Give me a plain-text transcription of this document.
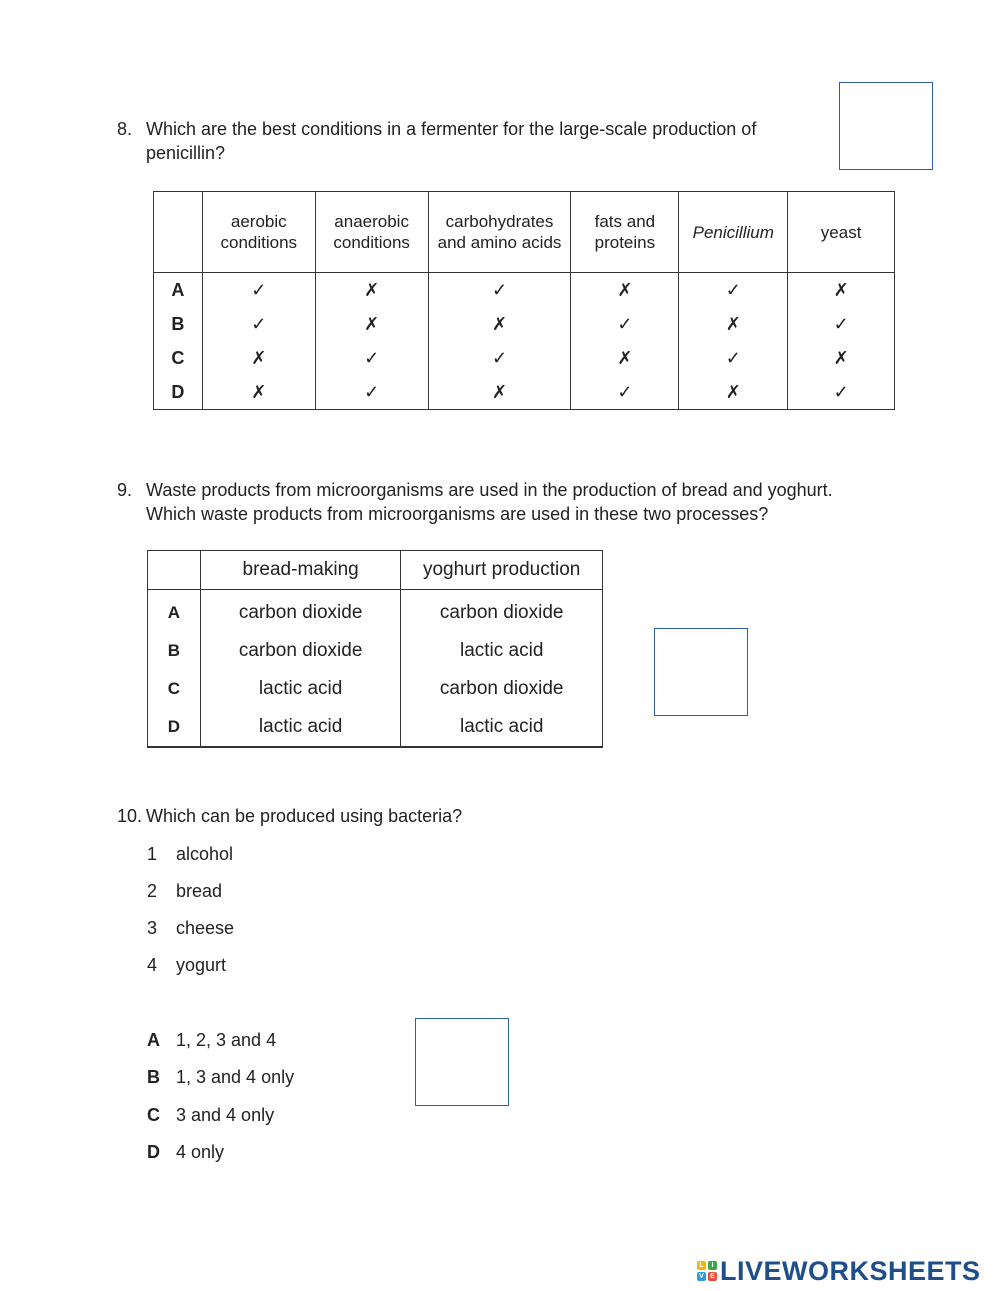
8. Which are the best conditions in a fermenter for the large-scale production of
penicillin?
	aerobic conditions	anaerobic conditions	carbohydrates and amino acids	fats and proteins	Penicillium	yeast
A	✓	✗	✓	✗	✓	✗
B	✓	✗	✗	✓	✗	✓
C	✗	✓	✓	✗	✓	✗
D	✗	✓	✗	✓	✗	✓
9. Waste products from microorganisms are used in the production of bread and yoghurt.
Which waste products from microorganisms are used in these two processes?
	bread-making	yoghurt production
A	carbon dioxide	carbon dioxide
B	carbon dioxide	lactic acid
C	lactic acid	carbon dioxide
D	lactic acid	lactic acid
10. Which can be produced using bacteria?
1 alcohol
2 bread
3 cheese
4 yogurt
A 1, 2, 3 and 4
B 1, 3 and 4 only
C 3 and 4 only
D 4 only
L	I
V E LIVEWORKSHEETS
